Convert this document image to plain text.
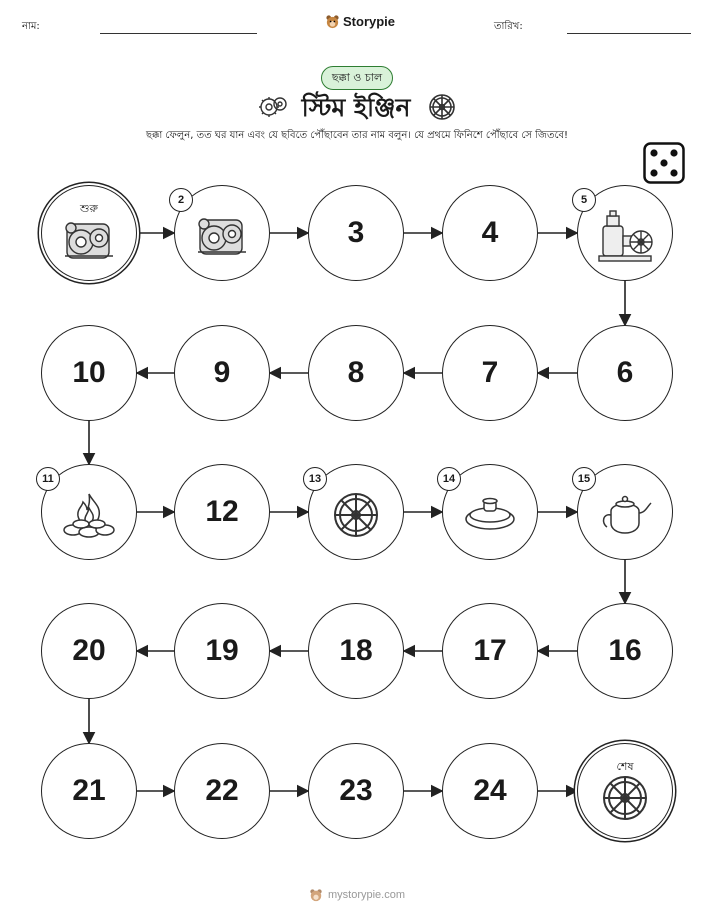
নাম:	Storypie	তারিখ:
ছক্কা ও চাল
স্টিম ইঞ্জিন
ছক্কা ফেলুন, তত ঘর যান এবং যে ছবিতে পৌঁছাবেন তার নাম বলুন। যে প্রথমে ফিনিশে পৌঁছাবে সে জিতবে!
শুরু
2
3	4
5
6
7
8
9
10
11
12
13	14	15
16
17
18
19
20
21	22	23	24
শেষ
mystorypie.com
